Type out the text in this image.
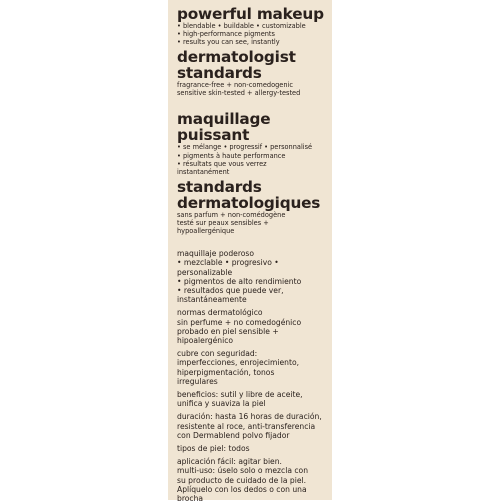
powerful makeup

• blendable • buildable • customizable

• high-performance pigments

• results you can see, instantly

dermatologist

standards

fragrance-free + non-comedogenic

sensitive skin-tested + allergy-tested

maquillage puissant

• se mélange • progressif • personnalisé

• pigments à haute performance

• résultats que vous verrez

instantanément

standards

dermatologiques

sans parfum + non-comédogène

testé sur peaux sensibles +

hypoallergénique

maquillaje poderoso

• mezclable • progresivo •

personalizable

• pigmentos de alto rendimiento

• resultados que puede ver,

instantáneamente

normas dermatológico

sin perfume + no comedogénico

probado en piel sensible +

hipoalergénico

cubre con seguridad:

imperfecciones, enrojecimiento,

hiperpigmentación, tonos

irregulares

beneficios: sutil y libre de aceite,

unifica y suaviza la piel

duración: hasta 16 horas de duración,

resistente al roce, anti-transferencia

con Dermablend polvo fijador

tipos de piel: todos

aplicación fácil: agitar bien.

multi-uso: úselo solo o mezcla con

su producto de cuidado de la piel.

Aplíquelo con los dedos o con una

brocha
